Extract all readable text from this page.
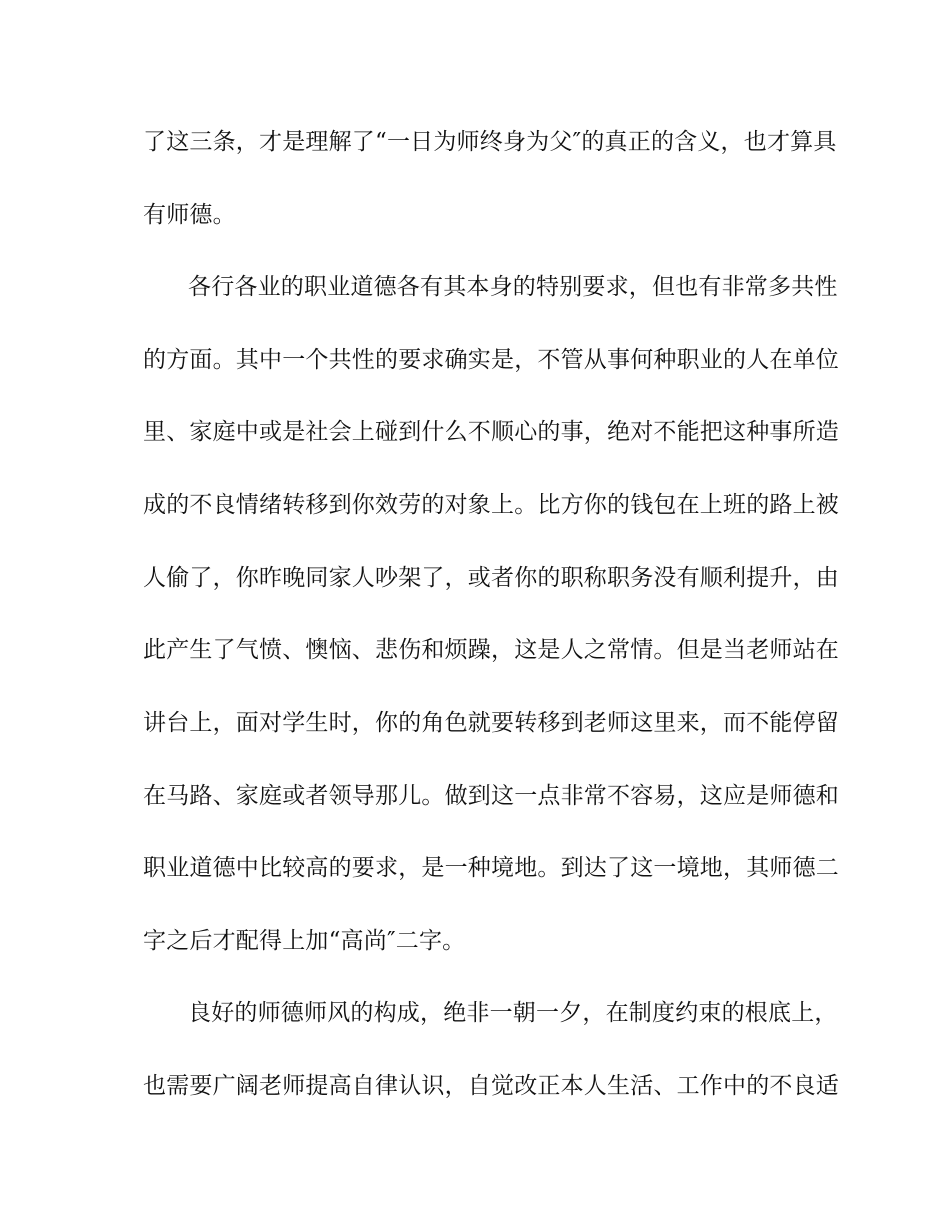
了这三条，才是理解了“一日为师终身为父″的真正的含义，也才算具
有师德。
各行各业的职业道德各有其本身的特别要求，但也有非常多共性
的方面。其中一个共性的要求确实是，不管从事何种职业的人在单位
里、家庭中或是社会上碰到什么不顺心的事，绝对不能把这种事所造
成的不良情绪转移到你效劳的对象上。比方你的钱包在上班的路上被
人偷了，你昨晚同家人吵架了，或者你的职称职务没有顺利提升，由
此产生了气愤、懊恼、悲伤和烦躁，这是人之常情。但是当老师站在
讲台上，面对学生时，你的角色就要转移到老师这里来，而不能停留
在马路、家庭或者领导那儿。做到这一点非常不容易，这应是师德和
职业道德中比较高的要求，是一种境地。到达了这一境地，其师德二
字之后才配得上加“高尚″二字。
良好的师德师风的构成，绝非一朝一夕，在制度约束的根底上，
也需要广阔老师提高自律认识，自觉改正本人生活、工作中的不良适
